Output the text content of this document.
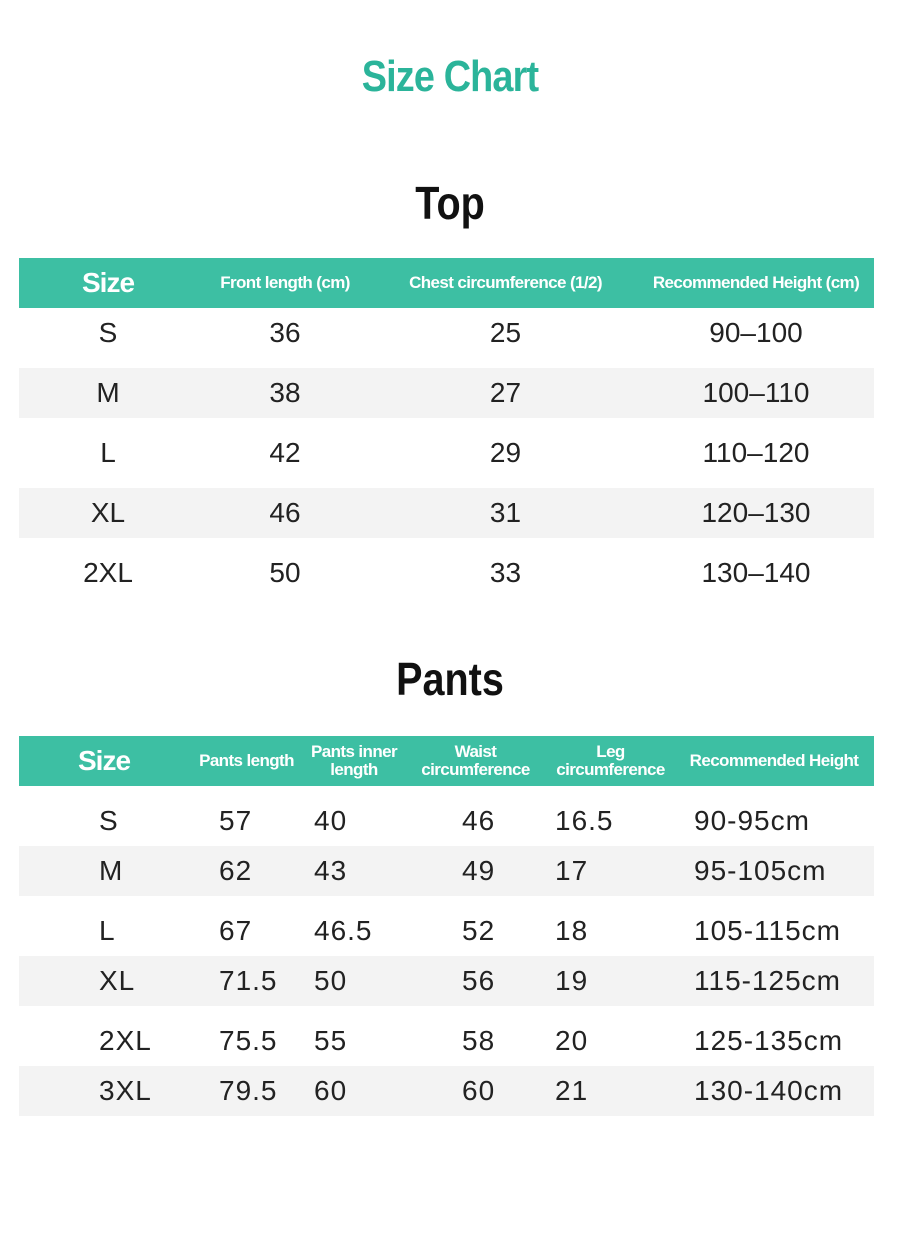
Size Chart
Top
Size	Front length (cm)	Chest circumference (1/2)	Recommended Height (cm)
S	36	25	90–100

M	38	27	100–110

L	42	29	110–120

XL	46	31	120–130

2XL	50	33	130–140
Pants
Size	Pants length	Pants inner length	Waist circumference	Leg circumference	Recommended Height

S	57	40	46	16.5	90-95cm
M	62	43	49	17	95-105cm

L	67	46.5	52	18	105-115cm
XL	71.5	50	56	19	115-125cm

2XL	75.5	55	58	20	125-135cm
3XL	79.5	60	60	21	130-140cm
